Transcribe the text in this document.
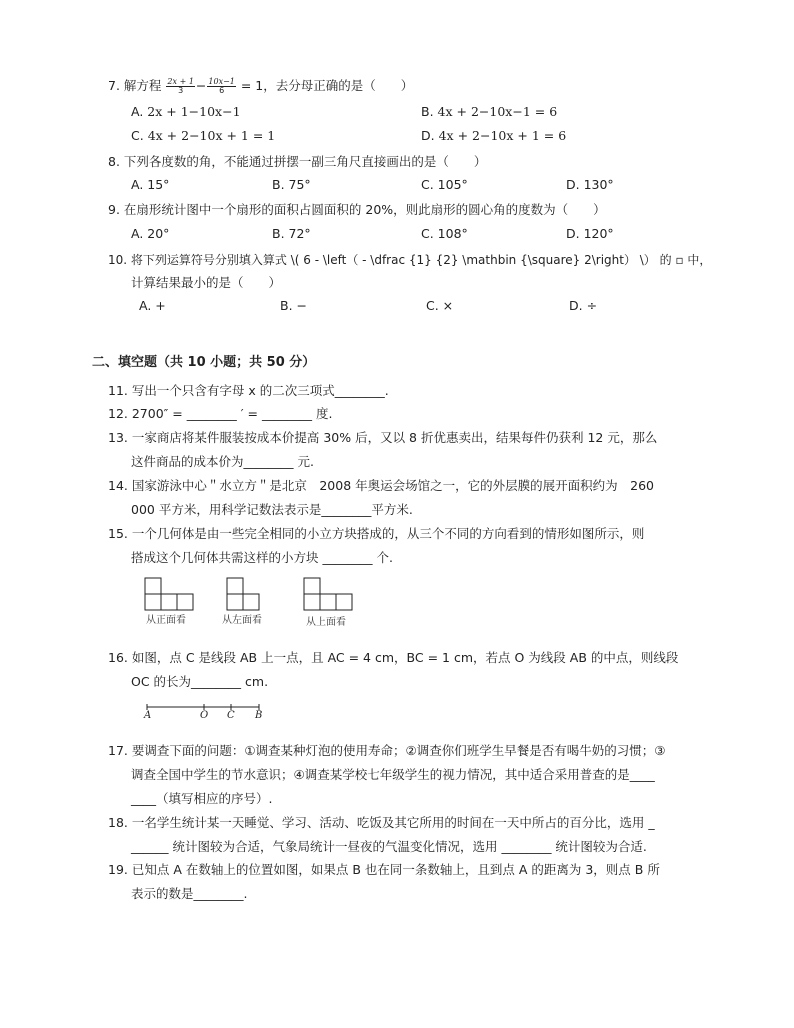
7. 解方程 $\frac{2x + 1}{3} - \frac{10x-1}{6} = 1$，去分母正确的是（　　）
A. 2x + 1−10x−1	B. 4x + 2−10x−1 = 6
C. 4x + 2−10x + 1 = 1	D. 4x + 2−10x + 1 = 6
8. 下列各度数的角，不能通过拼摆一副三角尺直接画出的是（　　）
A. 15°	B. 75°	C. 105°	D. 130°
9. 在扇形统计图中一个扇形的面积占圆面积的 20%，则此扇形的圆心角的度数为（　　）
A. 20°	B. 72°	C. 108°	D. 120°
10. 将下列运算符号分别填入算式 \( 6 - \left（ - \dfrac {1} {2} \mathbin {\square} 2\right） \） 的 ▫ 中，
计算结果最小的是（　　）
A. +	B. −	C. ×	D. ÷
二、填空题（共 10 小题；共 50 分）
11. 写出一个只含有字母 x 的二次三项式________.
12. 2700″ = ________ ′ = ________ 度.
13. 一家商店将某件服装按成本价提高 30% 后，又以 8 折优惠卖出，结果每件仍获利 12 元，那么
这件商品的成本价为________ 元.
14. 国家游泳中心＂水立方＂是北京　2008 年奥运会场馆之一，它的外层膜的展开面积约为　260
000 平方米，用科学记数法表示是________平方米.
15. 一个几何体是由一些完全相同的小立方块搭成的，从三个不同的方向看到的情形如图所示，则
搭成这个几何体共需这样的小方块 ________ 个.
从正面看	从左面看	从上面看
16. 如图，点 C 是线段 AB 上一点，且 AC = 4 cm，BC = 1 cm，若点 O 为线段 AB 的中点，则线段
OC 的长为________ cm.
A	O C B
17. 要调查下面的问题：①调查某种灯泡的使用寿命；②调查你们班学生早餐是否有喝牛奶的习惯；③
调查全国中学生的节水意识；④调查某学校七年级学生的视力情况，其中适合采用普查的是____
____（填写相应的序号）.
18. 一名学生统计某一天睡觉、学习、活动、吃饭及其它所用的时间在一天中所占的百分比，选用 _
______ 统计图较为合适，气象局统计一昼夜的气温变化情况，选用 ________ 统计图较为合适.
19. 已知点 A 在数轴上的位置如图，如果点 B 也在同一条数轴上，且到点 A 的距离为 3，则点 B 所
表示的数是________.
